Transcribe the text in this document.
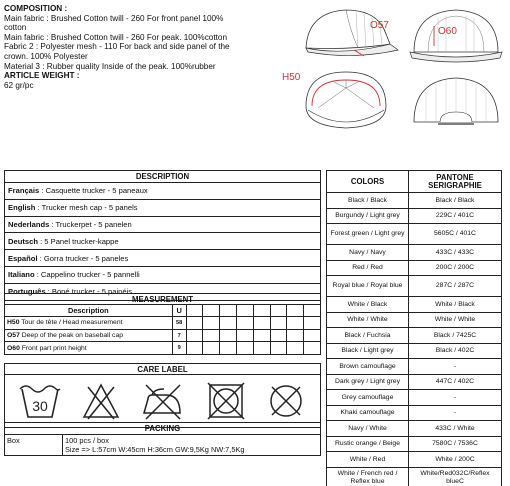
COMPOSITION :
Main fabric : Brushed Cotton twill - 260 For front panel 100%
cotton
Main fabric : Brushed Cotton twill - 260 For peak. 100%cotton
Fabric 2 : Polyester mesh - 110 For back and side panel of the
crown. 100% Polyester
Material 3 : Rubber quality Inside of the peak. 100%rubber
ARTICLE WEIGHT :
62 gr/pc
O57
O60
H50
DESCRIPTION
Français : Casquette trucker - 5 paneaux
English : Trucker mesh cap - 5 panels
Nederlands : Truckerpet - 5 panelen
Deutsch : 5 Panel trucker-kappe
Español : Gorra trucker - 5 paneles
Italiano : Cappelino trucker - 5 pannelli
Português : Boné trucker - 5 painéis
COLORS	PANTONE SERIGRAPHIE
Black / Black	Black / Black
Burgundy / Light grey	229C / 401C
Forest green / Light grey	5605C / 401C
Navy / Navy	433C / 433C
Red / Red	200C / 200C
Royal blue / Royal blue	287C / 287C
White / Black	White / Black
White / White	White / White
Black / Fuchsia	Black / 7425C
Black / Light grey	Black / 402C
Brown camouflage	-
Dark grey / Light grey	447C / 402C
Grey camouflage	-
Khaki camouflage	-
Navy / White	433C / White
Rustic orange / Beige	7580C / 7536C
White / Red	White / 200C
White / French red / Reflex blue	White/Red032C/Reflex blueC
MEASUREMENT									
Description	U								
H50 Tour de tête / Head measurement	58								
O57 Deep of the peak on baseball cap	7								
O60 Front part print height	9								
CARE LABEL

30
PACKING
Box	100 pcs / box
Size => L:57cm W:45cm H:36cm GW:9,5Kg NW:7,5Kg
